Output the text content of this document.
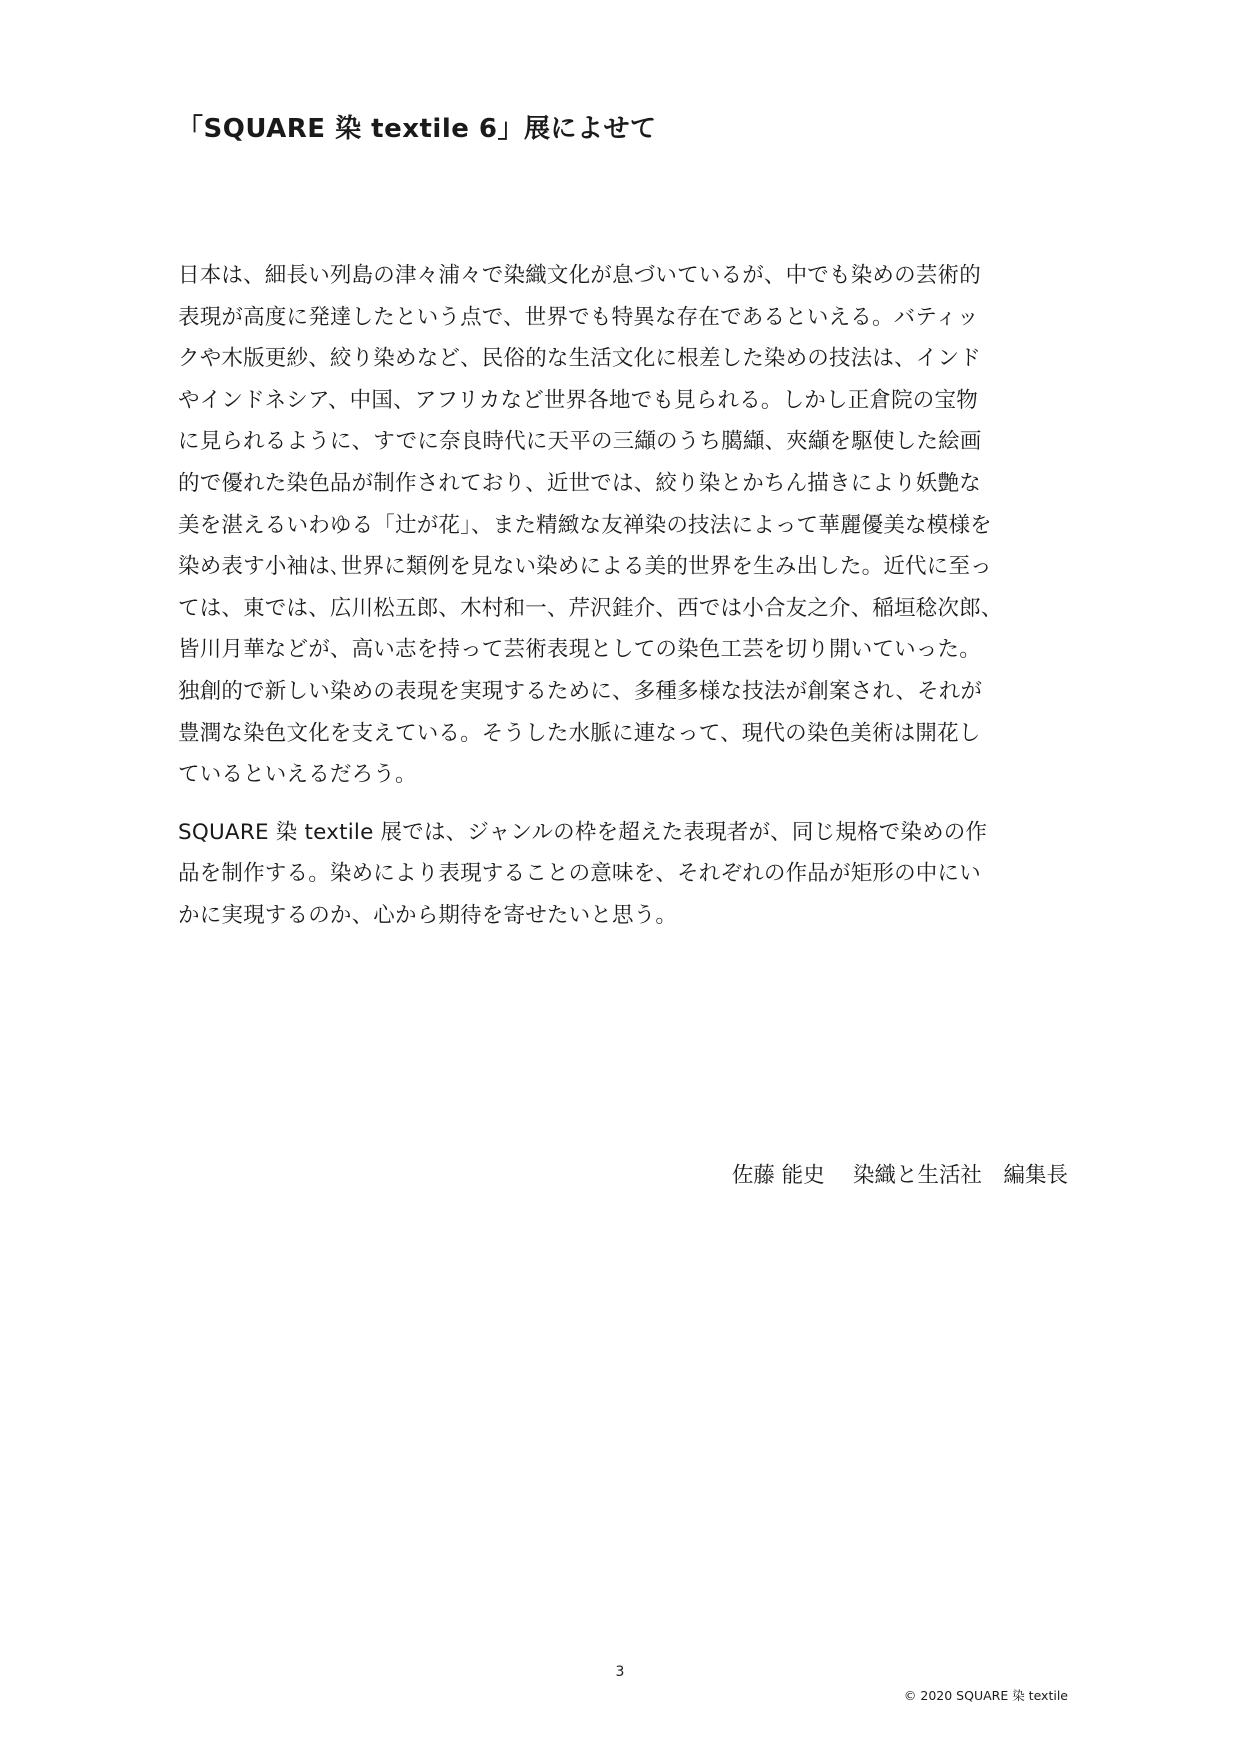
「SQUARE 染 textile 6」展によせて
日本は、細長い列島の津々浦々で染織文化が息づいているが、中でも染めの芸術的
表現が高度に発達したという点で、世界でも特異な存在であるといえる。バティッ
クや木版更紗、絞り染めなど、民俗的な生活文化に根差した染めの技法は、インド
やインドネシア、中国、アフリカなど世界各地でも見られる。しかし正倉院の宝物
に見られるように、すでに奈良時代に天平の三纈のうち臈纈、夾纈を駆使した絵画
的で優れた染色品が制作されており、近世では、絞り染とかちん描きにより妖艶な
美を湛えるいわゆる「辻が花」、また精緻な友禅染の技法によって華麗優美な模様を
染め表す小袖は､世界に類例を見ない染めによる美的世界を生み出した。近代に至っ
ては、東では、広川松五郎、木村和一、芹沢銈介、西では小合友之介、稲垣稔次郎、
皆川月華などが、高い志を持って芸術表現としての染色工芸を切り開いていった。
独創的で新しい染めの表現を実現するために、多種多様な技法が創案され、それが
豊潤な染色文化を支えている。そうした水脈に連なって、現代の染色美術は開花し
ているといえるだろう。
SQUARE 染 textile 展では、ジャンルの枠を超えた表現者が、同じ規格で染めの作
品を制作する。染めにより表現することの意味を、それぞれの作品が矩形の中にい
かに実現するのか、心から期待を寄せたいと思う。

佐藤 能史　 染織と生活社　編集長

3
© 2020 SQUARE 染 textile
